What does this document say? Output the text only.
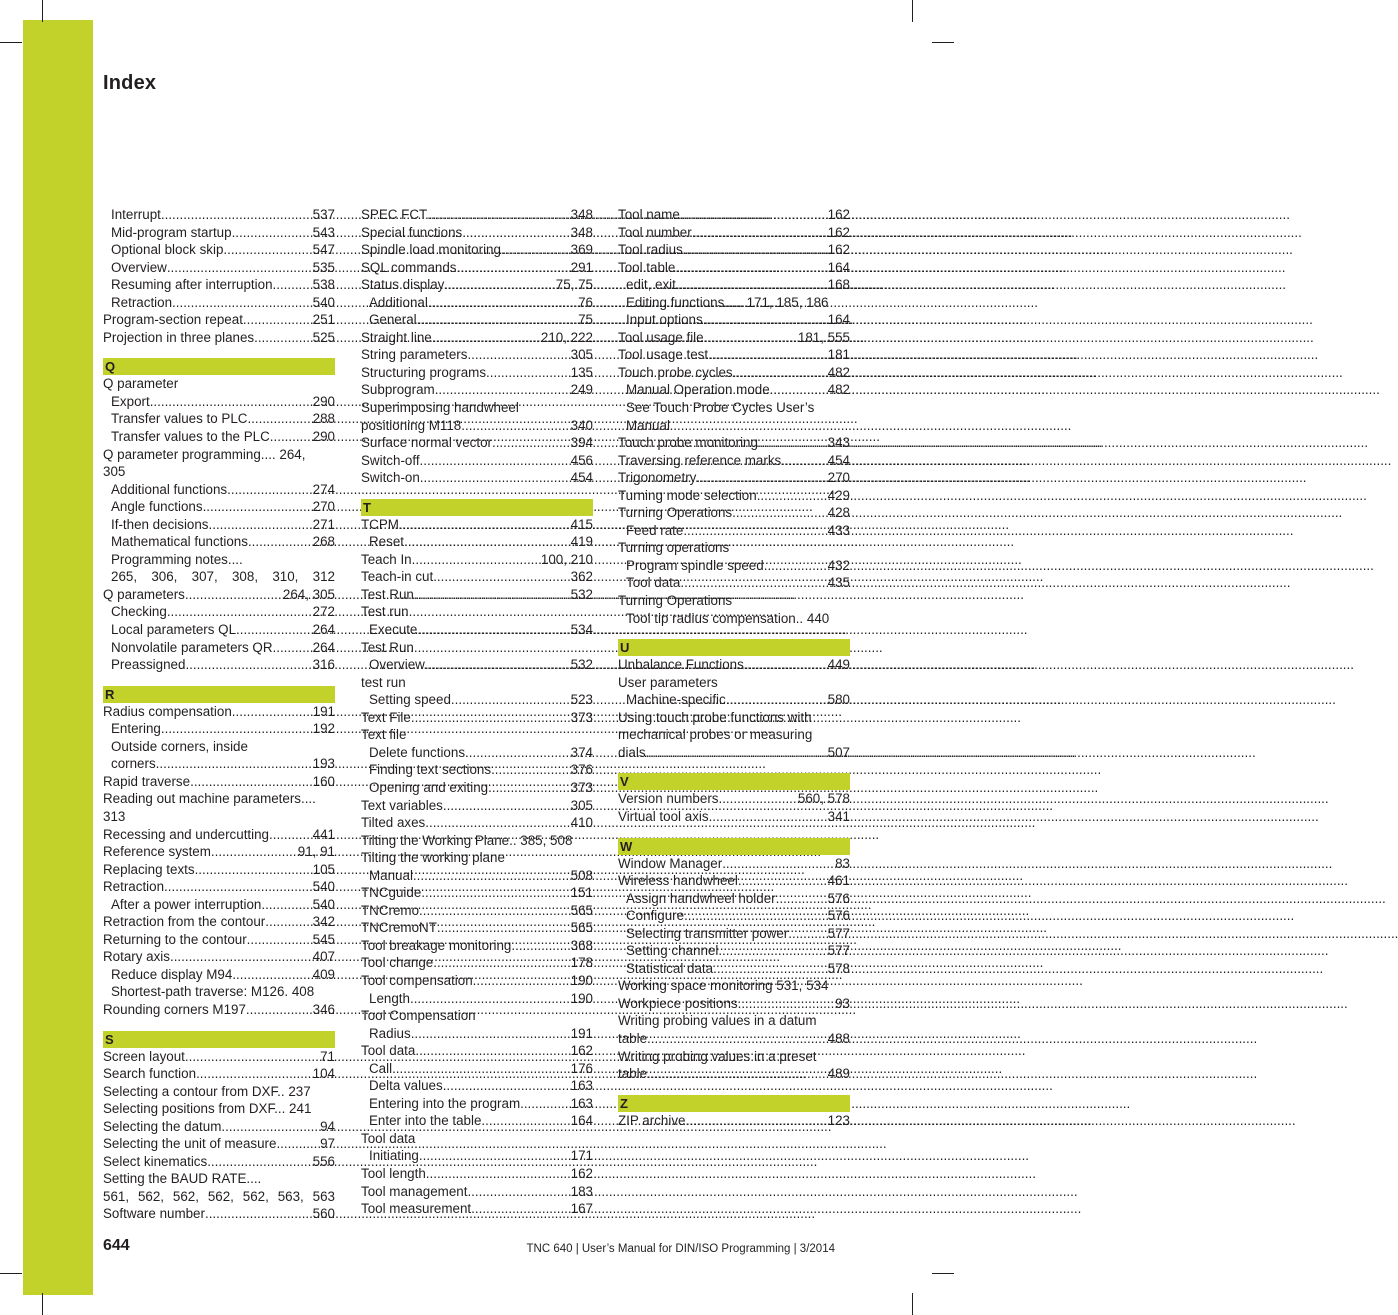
Index
Interrupt .....	537
Mid-program startup .....	543
Optional block skip .....	547
Overview .....	535
Resuming after interruption .....	538
Retraction .....	540
Program-section repeat .....	251
Projection in three planes .....	525
Q
Q parameter
Export .....	290
Transfer values to PLC .....	288
Transfer values to the PLC .....	290
Q parameter programming.... 264,
305
Additional functions .....	274
Angle functions .....	270
If-then decisions .....	271
Mathematical functions .....	268
Programming notes....
265, 306, 307, 308, 310, 312
Q parameters .....	264, 305
Checking .....	272
Local parameters QL .....	264
Nonvolatile parameters QR .....	264
Preassigned .....	316
R
Radius compensation .....	191
Entering .....	192
Outside corners, inside
corners .....	193
Rapid traverse .....	160
Reading out machine parameters....
313
Recessing and undercutting .....	441
Reference system .....	91, 91
Replacing texts .....	105
Retraction .....	540
After a power interruption .....	540
Retraction from the contour .....	342
Returning to the contour .....	545
Rotary axis .....	407
Reduce display M94 .....	409
Shortest-path traverse: M126. 408
Rounding corners M197 .....	346
S
Screen layout .....	71
Search function .....	104
Selecting a contour from DXF.. 237
Selecting positions from DXF... 241
Selecting the datum .....	94
Selecting the unit of measure .....	97
Select kinematics .....	556
Setting the BAUD RATE....
561, 562, 562, 562, 562, 563, 563
Software number .....	560
SPEC FCT .....	348
Special functions .....	348
Spindle load monitoring .....	369
SQL commands .....	291
Status display .....	75, 75
Additional .....	76
General .....	75
Straight line .....	210, 222
String parameters .....	305
Structuring programs .....	135
Subprogram .....	249
Superimposing handwheel
positioning M118 .....	340
Surface normal vector .....	394
Switch-off .....	456
Switch-on .....	454
T
TCPM .....	415
Reset .....	419
Teach In .....	100, 210
Teach-in cut .....	362
Test Run .....	532
Test run
Execute .....	534
Test Run
Overview .....	532
test run
Setting speed .....	523
Text File .....	373
Text file
Delete functions .....	374
Finding text sections .....	376
Opening and exiting .....	373
Text variables .....	305
Tilted axes .....	410
Tilting the Working Plane.. 385, 508
Tilting the working plane
Manual .....	508
TNCguide .....	151
TNCremo .....	565
TNCremoNT .....	565
Tool breakage monitoring .....	368
Tool change .....	178
Tool compensation .....	190
Length .....	190
Tool Compensation
Radius .....	191
Tool data .....	162
Call .....	176
Delta values .....	163
Entering into the program .....	163
Enter into the table .....	164
Tool data
Initiating .....	171
Tool length .....	162
Tool management .....	183
Tool measurement .....	167
Tool name .....	162
Tool number .....	162
Tool radius .....	162
Tool table .....	164
edit, exit .....	168
Editing functions..... 171, 185, 186
Input options .....	164
Tool usage file .....	181, 555
Tool usage test .....	181
Touch probe cycles .....	482
Manual Operation mode .....	482
See Touch Probe Cycles User’s
Manual
Touch probe monitoring .....	343
Traversing reference marks .....	454
Trigonometry .....	270
Turning mode selection .....	429
Turning Operations .....	428
Feed rate .....	433
Turning operations
Program spindle speed .....	432
Tool data .....	435
Turning Operations
Tool tip radius compensation.. 440
U
Unbalance Functions .....	449
User parameters
Machine-specific .....	580
Using touch probe functions with
mechanical probes or measuring
dials .....	507
V
Version numbers .....	560, 578
Virtual tool axis .....	341
W
Window Manager .....	83
Wireless handwheel .....	461
Assign handwheel holder .....	576
Configure .....	576
Selecting transmitter power .....	577
Setting channel .....	577
Statistical data .....	578
Working space monitoring 531, 534
Workpiece positions .....	93
Writing probing values in a datum
table .....	488
Writing probing values in a preset
table .....	489
Z
ZIP archive .....	123
644	TNC 640 | User’s Manual for DIN/ISO Programming | 3/2014
